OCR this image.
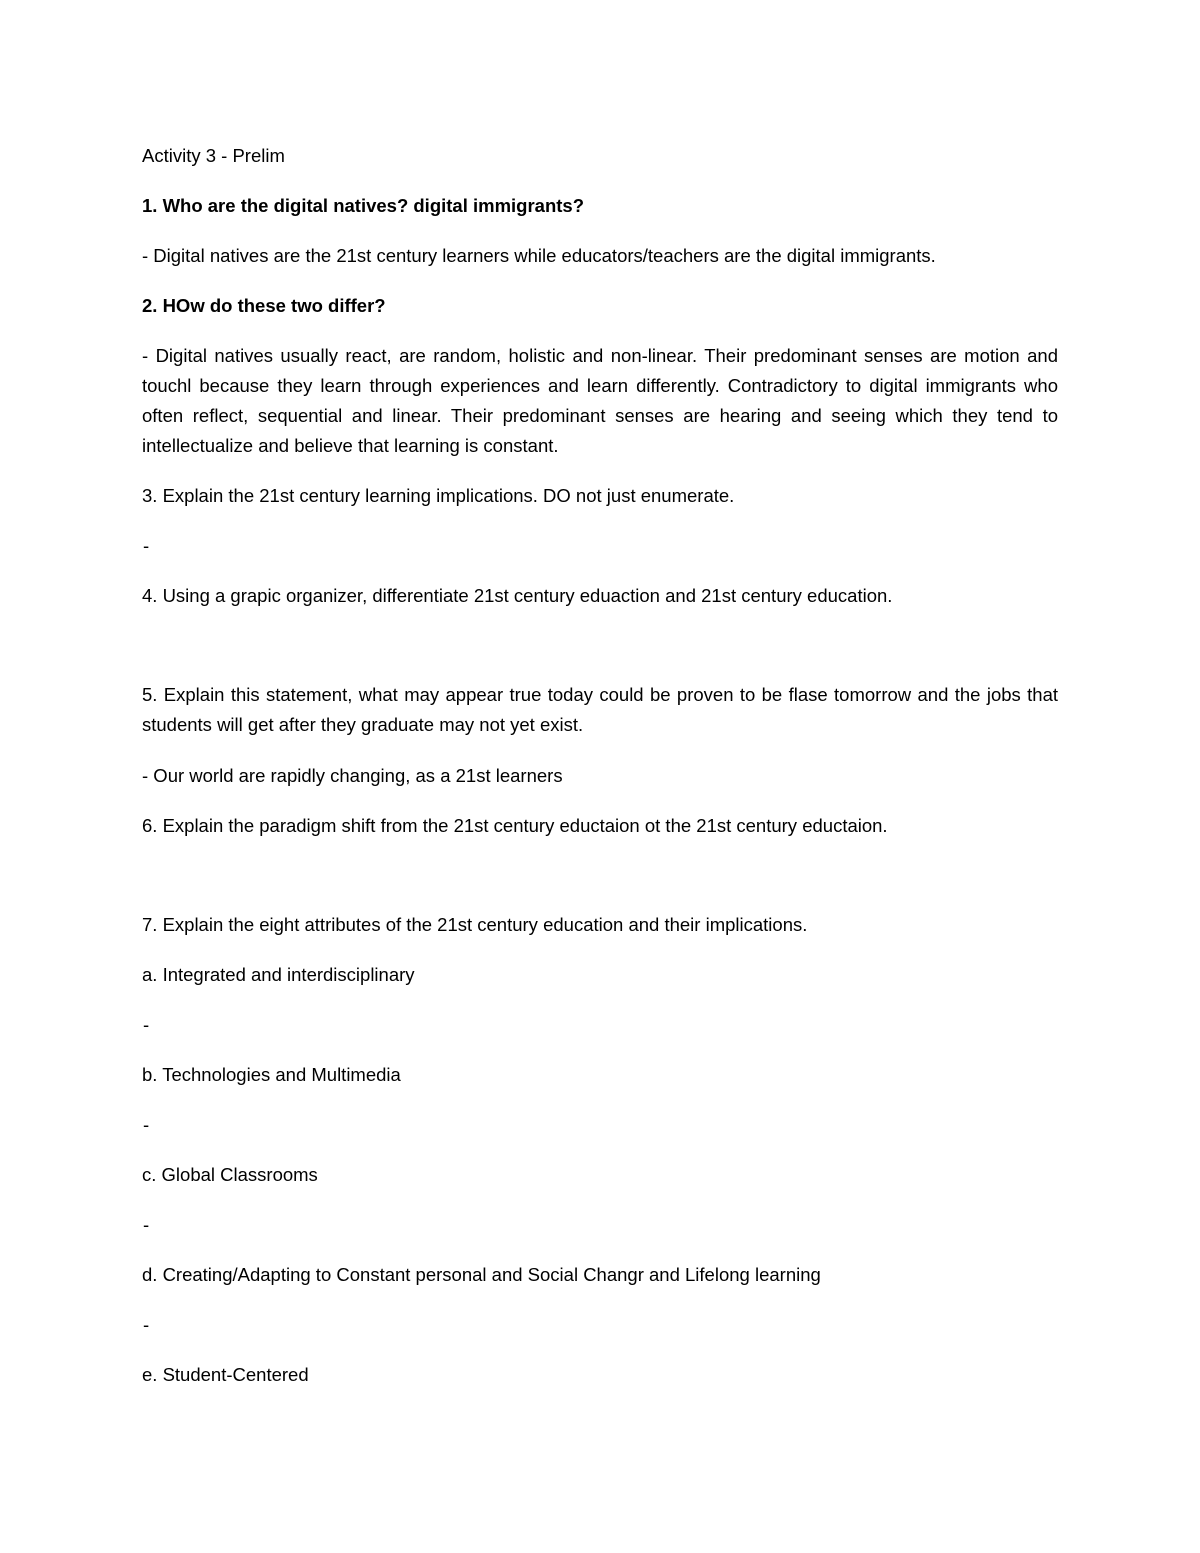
Activity 3 - Prelim

1. Who are the digital natives? digital immigrants?

- Digital natives are the 21st century learners while educators/teachers are the digital immigrants.

2. HOw do these two differ?

- Digital natives usually react, are random, holistic and non-linear. Their predominant senses are motion and touchl because they learn through experiences and learn differently. Contradictory to digital immigrants who often reflect, sequential and linear. Their predominant senses are hearing and seeing which they tend to intellectualize and believe that learning is constant.

3. Explain the 21st century learning implications. DO not just enumerate.

-

4. Using a grapic organizer, differentiate 21st century eduaction and 21st century education.

5. Explain this statement, what may appear true today could be proven to be flase tomorrow and the jobs that students will get after they graduate may not yet exist.

- Our world are rapidly changing, as a 21st learners

6. Explain the paradigm shift from the 21st century eductaion ot the 21st century eductaion.

7. Explain the eight attributes of the 21st century education and their implications.

a. Integrated and interdisciplinary

-

b. Technologies and Multimedia

-

c. Global Classrooms

-

d. Creating/Adapting to Constant personal and Social Changr and Lifelong learning

-

e. Student-Centered
